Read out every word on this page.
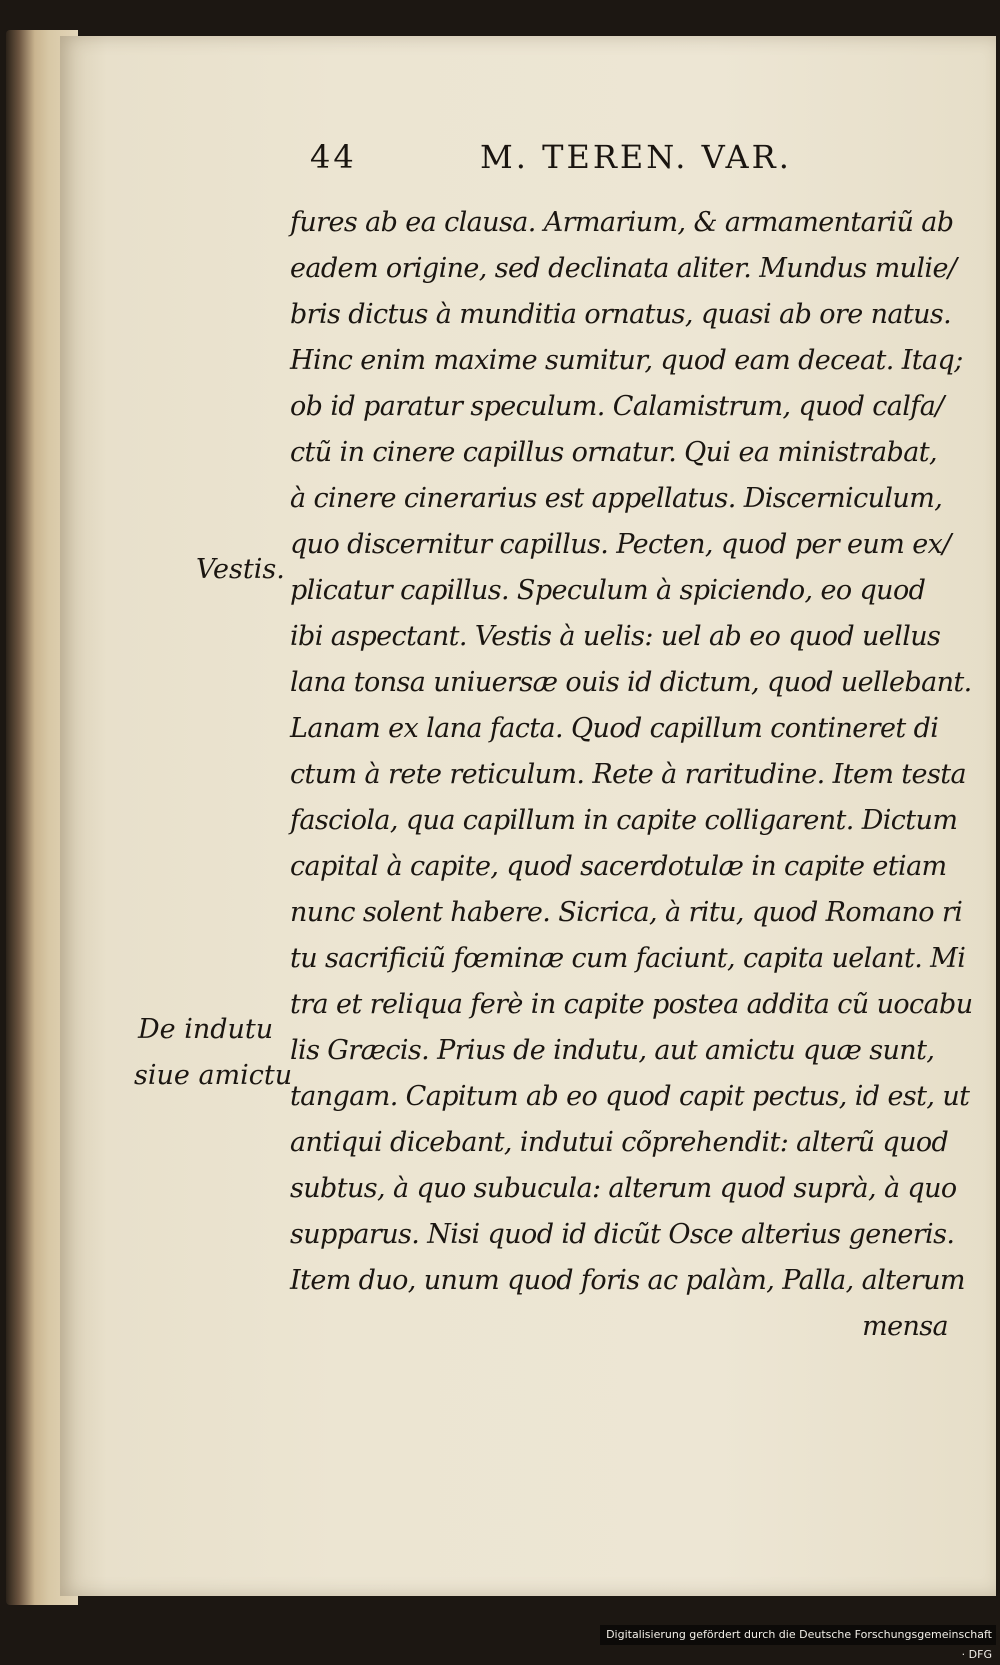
44	M. TEREN. VAR.
fures ab ea clausa. Armarium, & armamentariũ ab
eadem origine, sed declinata aliter. Mundus mulie/
bris dictus à munditia ornatus, quasi ab ore natus.
Hinc enim maxime sumitur, quod eam deceat. Itaq;
ob id paratur speculum. Calamistrum, quod calfa/
ctũ in cinere capillus ornatur. Qui ea ministrabat,
à cinere cinerarius est appellatus. Discerniculum,
quo discernitur capillus. Pecten, quod per eum ex/
plicatur capillus. Speculum à spiciendo, eo quod
ibi aspectant. Vestis à uelis: uel ab eo quod uellus
lana tonsa uniuersæ ouis id dictum, quod uellebant.
Lanam ex lana facta. Quod capillum contineret di
ctum à rete reticulum. Rete à raritudine. Item testa
fasciola, qua capillum in capite colligarent. Dictum
capital à capite, quod sacerdotulæ in capite etiam
nunc solent habere. Sicrica, à ritu, quod Romano ri
tu sacrificiũ fœminæ cum faciunt, capita uelant. Mi
tra et reliqua ferè in capite postea addita cũ uocabu
lis Græcis. Prius de indutu, aut amictu quæ sunt,
tangam. Capitum ab eo quod capit pectus, id est, ut
antiqui dicebant, indutui cõprehendit: alterũ quod
subtus, à quo subucula: alterum quod suprà, à quo
supparus. Nisi quod id dicũt Osce alterius generis.
Item duo, unum quod foris ac palàm, Palla, alterum
mensa
Vestis.
De indutu
siue amictu
Digitalisierung gefördert durch die Deutsche Forschungsgemeinschaft · DFG
